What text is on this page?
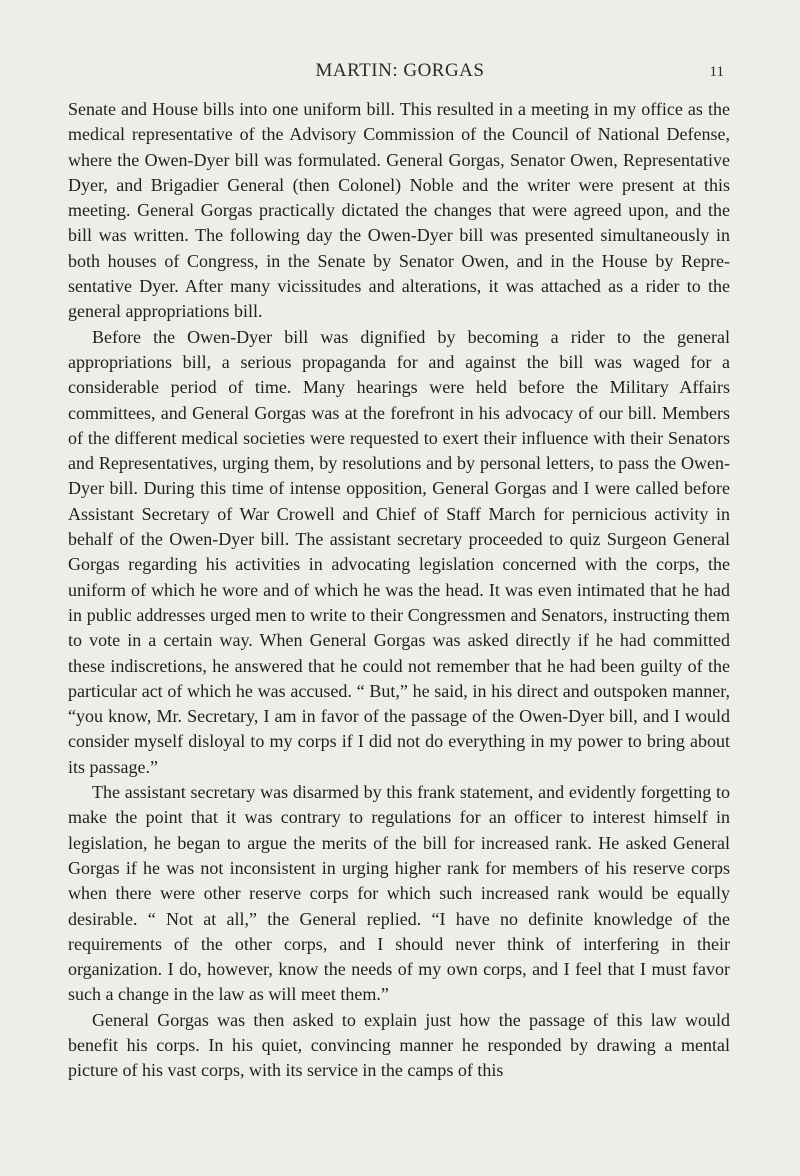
MARTIN: GORGAS	11

Senate and House bills into one uniform bill. This resulted in a meeting in my office as the medical representative of the Advisory Commission of the Council of National Defense, where the Owen-Dyer bill was formulated. General Gorgas, Senator Owen, Representative Dyer, and Brigadier General (then Colonel) Noble and the writer were present at this meeting. General Gorgas practically dictated the changes that were agreed upon, and the bill was written. The following day the Owen-Dyer bill was presented simultaneously in both houses of Congress, in the Senate by Senator Owen, and in the House by Representative Dyer. After many vicissitudes and alterations, it was attached as a rider to the general appropriations bill.

Before the Owen-Dyer bill was dignified by becoming a rider to the general appropriations bill, a serious propaganda for and against the bill was waged for a considerable period of time. Many hearings were held before the Military Affairs committees, and General Gorgas was at the forefront in his advocacy of our bill. Members of the different medical societies were requested to exert their influence with their Senators and Representatives, urging them, by resolutions and by personal letters, to pass the Owen-Dyer bill. During this time of intense opposition, General Gorgas and I were called before Assistant Secretary of War Crowell and Chief of Staff March for pernicious activity in behalf of the Owen-Dyer bill. The assistant secretary proceeded to quiz Surgeon General Gorgas regarding his activities in advocating legislation concerned with the corps, the uniform of which he wore and of which he was the head. It was even intimated that he had in public addresses urged men to write to their Congressmen and Senators, instructing them to vote in a certain way. When General Gorgas was asked directly if he had committed these indiscretions, he answered that he could not remember that he had been guilty of the particular act of which he was accused. “ But,” he said, in his direct and outspoken manner, “you know, Mr. Secretary, I am in favor of the passage of the Owen-Dyer bill, and I would consider myself disloyal to my corps if I did not do everything in my power to bring about its passage.”

The assistant secretary was disarmed by this frank statement, and evidently forgetting to make the point that it was contrary to regulations for an officer to interest himself in legislation, he began to argue the merits of the bill for increased rank. He asked General Gorgas if he was not inconsistent in urging higher rank for members of his reserve corps when there were other reserve corps for which such increased rank would be equally desirable. “ Not at all,” the General replied. “I have no definite knowledge of the requirements of the other corps, and I should never think of interfering in their organization. I do, however, know the needs of my own corps, and I feel that I must favor such a change in the law as will meet them.”

General Gorgas was then asked to explain just how the passage of this law would benefit his corps. In his quiet, convincing manner he responded by drawing a mental picture of his vast corps, with its service in the camps of this
